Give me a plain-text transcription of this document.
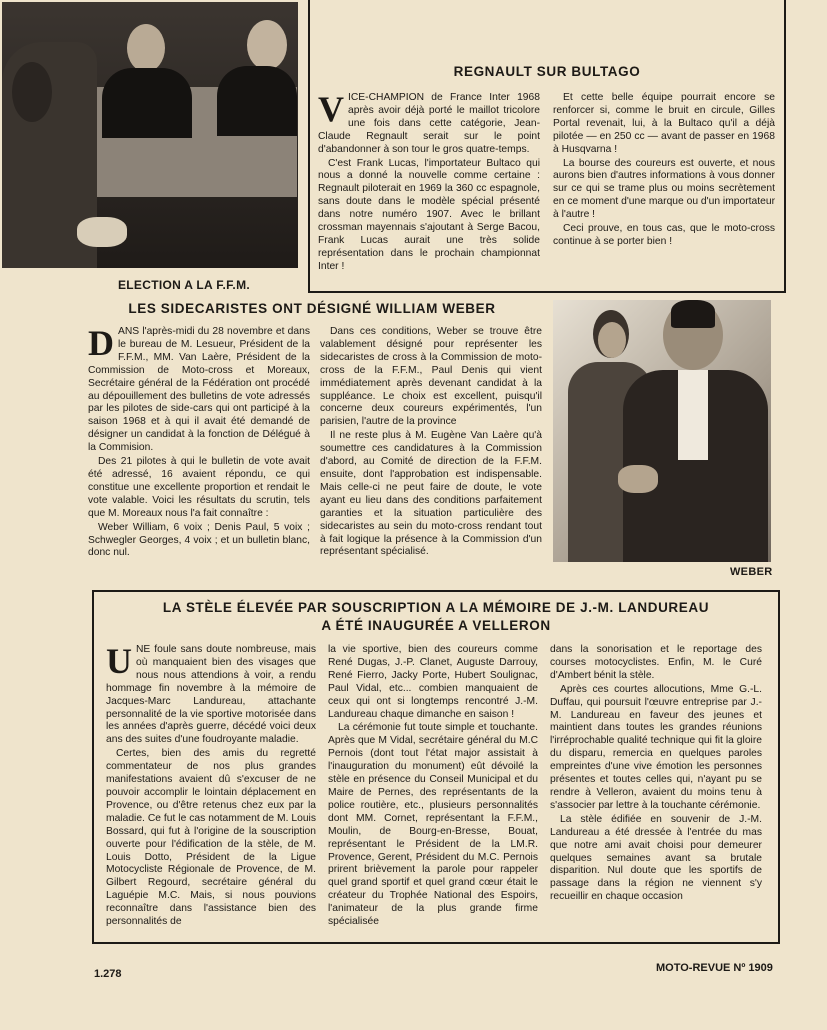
ELECTION A LA F.F.M.
REGNAULT SUR BULTAGO
V ICE-CHAMPION de France Inter 1968 après avoir déjà porté le maillot tricolore une fois dans cette catégorie, Jean-Claude Regnault serait sur le point d'abandonner à son tour le gros quatre-temps.

C'est Frank Lucas, l'importateur Bultaco qui nous a donné la nouvelle comme certaine : Regnault piloterait en 1969 la 360 cc espagnole, sans doute dans le modèle spécial présenté dans notre numéro 1907. Avec le brillant crossman mayennais s'ajoutant à Serge Bacou, Frank Lucas aurait une très solide représentation dans le prochain championnat Inter !

Et cette belle équipe pourrait encore se renforcer si, comme le bruit en circule, Gilles Portal revenait, lui, à la Bultaco qu'il a déjà pilotée — en 250 cc — avant de passer en 1968 à Husqvarna !

La bourse des coureurs est ouverte, et nous aurons bien d'autres informations à vous donner sur ce qui se trame plus ou moins secrètement en ce moment d'une marque ou d'un importateur à l'autre !

Ceci prouve, en tous cas, que le moto-cross continue à se porter bien !

LES SIDECARISTES ONT DÉSIGNÉ WILLIAM WEBER
D ANS l'après-midi du 28 novembre et dans le bureau de M. Lesueur, Président de la F.F.M., MM. Van Laère, Président de la Commission de Moto-cross et Moreaux, Secrétaire général de la Fédération ont procédé au dépouillement des bulletins de vote adressés par les pilotes de side-cars qui ont participé à la saison 1968 et à qui il avait été demandé de désigner un candidat à la fonction de Délégué à la Commision.

Des 21 pilotes à qui le bulletin de vote avait été adressé, 16 avaient répondu, ce qui constitue une excellente proportion et rendait le vote valable. Voici les résultats du scrutin, tels que M. Moreaux nous l'a fait connaître :

Weber William, 6 voix ; Denis Paul, 5 voix ; Schwegler Georges, 4 voix ; et un bulletin blanc, donc nul.

Dans ces conditions, Weber se trouve être valablement désigné pour représenter les sidecaristes de cross à la Commission de moto-cross de la F.F.M., Paul Denis qui vient immédiatement après devenant candidat à la suppléance. Le choix est excellent, puisqu'il concerne deux coureurs expérimentés, l'un parisien, l'autre de la province

Il ne reste plus à M. Eugène Van Laère qu'à soumettre ces candidatures à la Commission d'abord, au Comité de direction de la F.F.M. ensuite, dont l'approbation est indispensable. Mais celle-ci ne peut faire de doute, le vote ayant eu lieu dans des conditions parfaitement garanties et la situation particulière des sidecaristes au sein du moto-cross rendant tout à fait logique la présence à la Commission d'un représentant spécialisé.

WEBER
LA STÈLE ÉLEVÉE PAR SOUSCRIPTION A LA MÉMOIRE DE J.-M. LANDUREAU
A ÉTÉ INAUGURÉE A VELLERON
U NE foule sans doute nombreuse, mais où manquaient bien des visages que nous nous attendions à voir, a rendu hommage fin novembre à la mémoire de Jacques-Marc Landureau, attachante personnalité de la vie sportive motorisée dans les années d'après guerre, décédé voici deux ans des suites d'une foudroyante maladie.

Certes, bien des amis du regretté commentateur de nos plus grandes manifestations avaient dû s'excuser de ne pouvoir accomplir le lointain déplacement en Provence, ou d'être retenus chez eux par la maladie. Ce fut le cas notamment de M. Louis Bossard, qui fut à l'origine de la souscription ouverte pour l'édification de la stèle, de M. Louis Dotto, Président de la Ligue Motocycliste Régionale de Provence, de M. Gilbert Regourd, secrétaire général du Laguépie M.C. Mais, si nous pouvions reconnaître dans l'assistance bien des personnalités de

la vie sportive, bien des coureurs comme René Dugas, J.-P. Clanet, Auguste Darrouy, René Fierro, Jacky Porte, Hubert Soulignac, Paul Vidal, etc... combien manquaient de ceux qui ont si longtemps rencontré J.-M. Landureau chaque dimanche en saison !

La cérémonie fut toute simple et touchante. Après que M Vidal, secrétaire général du M.C Pernois (dont tout l'état major assistait à l'inauguration du monument) eût dévoilé la stèle en présence du Conseil Municipal et du Maire de Pernes, des représentants de la police routière, etc., plusieurs personnalités dont MM. Cornet, représentant la F.F.M., Moulin, de Bourg-en-Bresse, Bouat, représentant le Président de la LM.R. Provence, Gerent, Président du M.C. Pernois prirent brièvement la parole pour rappeler quel grand sportif et quel grand cœur était le créateur du Trophée National des Espoirs, l'animateur de la plus grande firme spécialisée

dans la sonorisation et le reportage des courses motocyclistes. Enfin, M. le Curé d'Ambert bénit la stèle.

Après ces courtes allocutions, Mme G.-L. Duffau, qui poursuit l'œuvre entreprise par J.-M. Landureau en faveur des jeunes et maintient dans toutes les grandes réunions l'irréprochable qualité technique qui fit la gloire du disparu, remercia en quelques paroles empreintes d'une vive émotion les personnes présentes et toutes celles qui, n'ayant pu se rendre à Velleron, avaient du moins tenu à s'associer par lettre à la touchante cérémonie.

La stèle édifiée en souvenir de J.-M. Landureau a été dressée à l'entrée du mas que notre ami avait choisi pour demeurer quelques semaines avant sa brutale disparition. Nul doute que les sportifs de passage dans la région ne viennent s'y recueillir en chaque occasion

1.278	MOTO-REVUE Nº 1909
